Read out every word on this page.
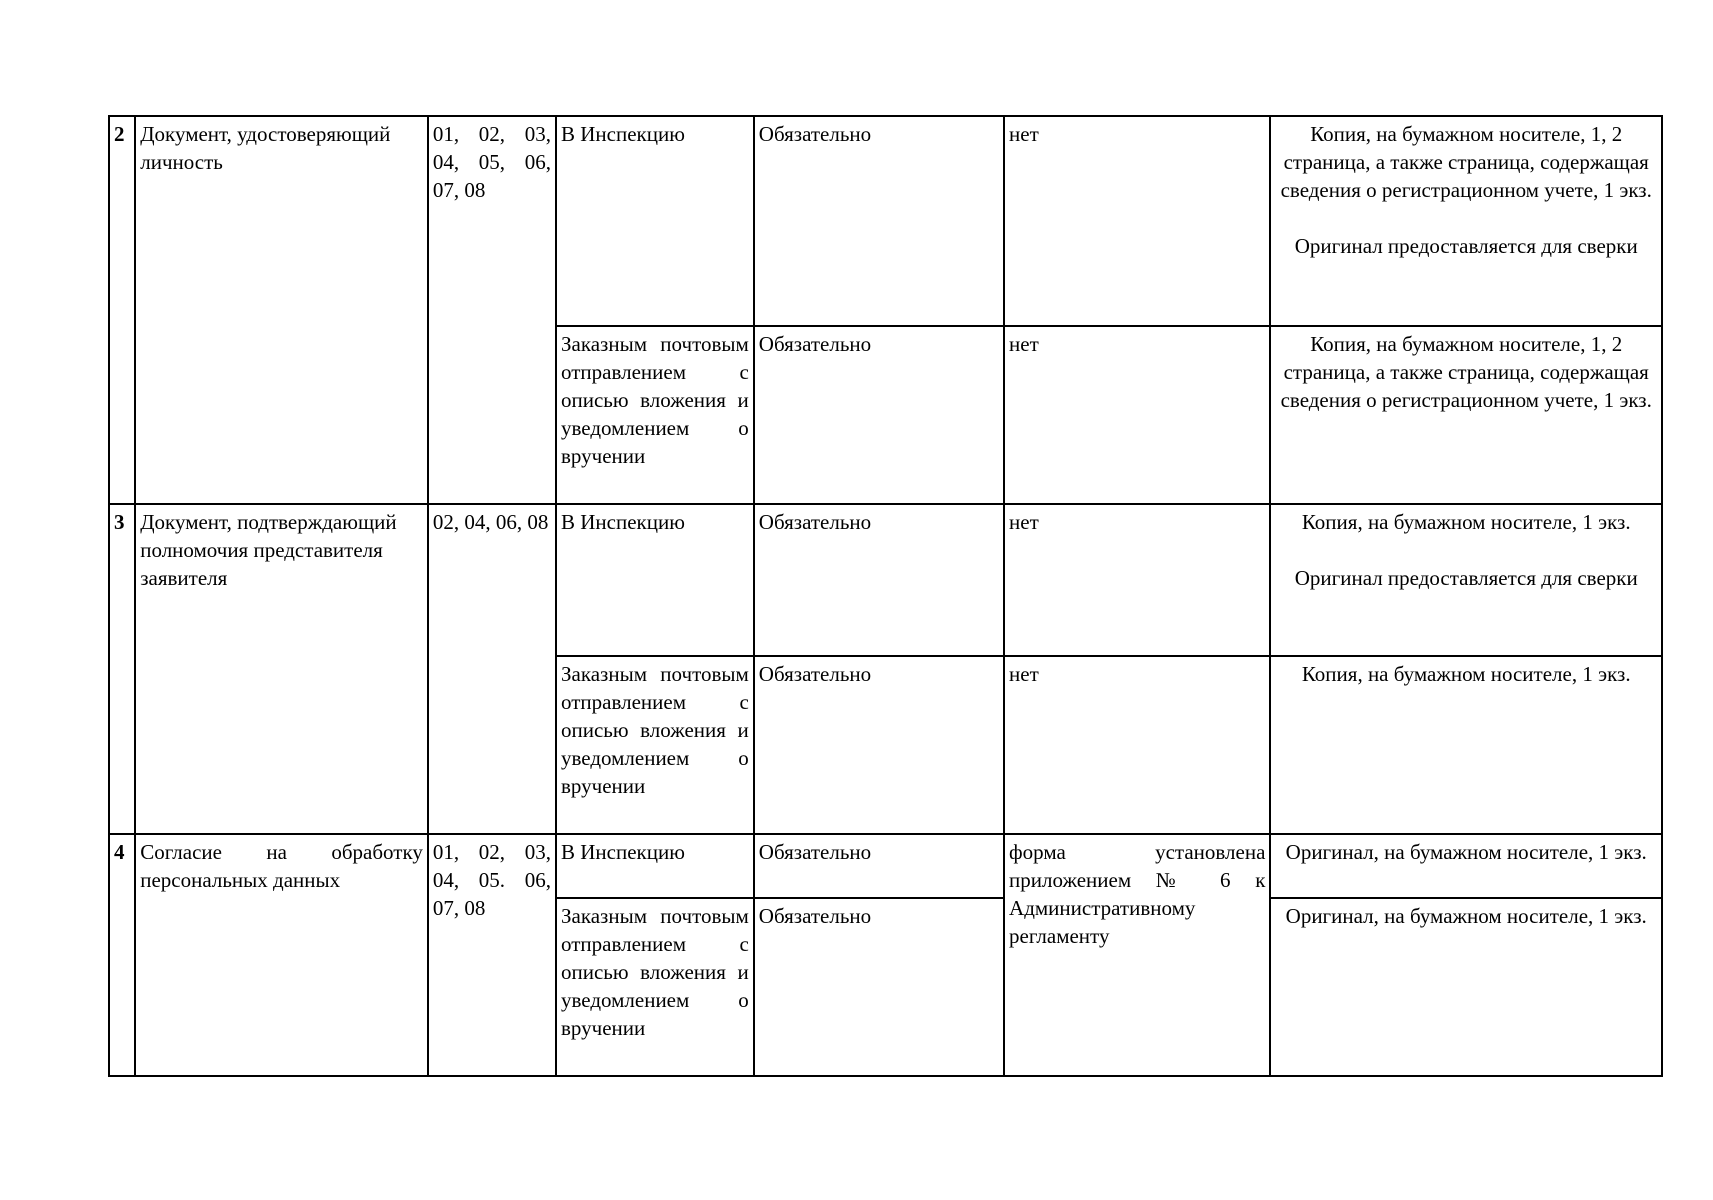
2	Документ, удостоверяющий личность	01, 02, 03, 04, 05, 06, 07, 08	В Инспекцию	Обязательно	нет	Копия, на бумажном носителе, 1, 2 страница, а также страница, содержащая сведения о регистрационном учете, 1 экз.
Оригинал предоставляется для сверки
			Заказным почтовым отправлением с описью вложения и уведомлением о вручении	Обязательно	нет	Копия, на бумажном носителе, 1, 2 страница, а также страница, содержащая сведения о регистрационном учете, 1 экз.
3	Документ, подтверждающий полномочия представителя заявителя	02, 04, 06, 08	В Инспекцию	Обязательно	нет	Копия, на бумажном носителе, 1 экз.
Оригинал предоставляется для сверки
			Заказным почтовым отправлением с описью вложения и уведомлением о вручении	Обязательно	нет	Копия, на бумажном носителе, 1 экз.
4	Согласие на обработку персональных данных	01, 02, 03, 04, 05. 06, 07, 08	В Инспекцию	Обязательно	форма установлена приложением № 6 к Административному регламенту	Оригинал, на бумажном носителе, 1 экз.
			Заказным почтовым отправлением с описью вложения и уведомлением о вручении	Обязательно		Оригинал, на бумажном носителе, 1 экз.
